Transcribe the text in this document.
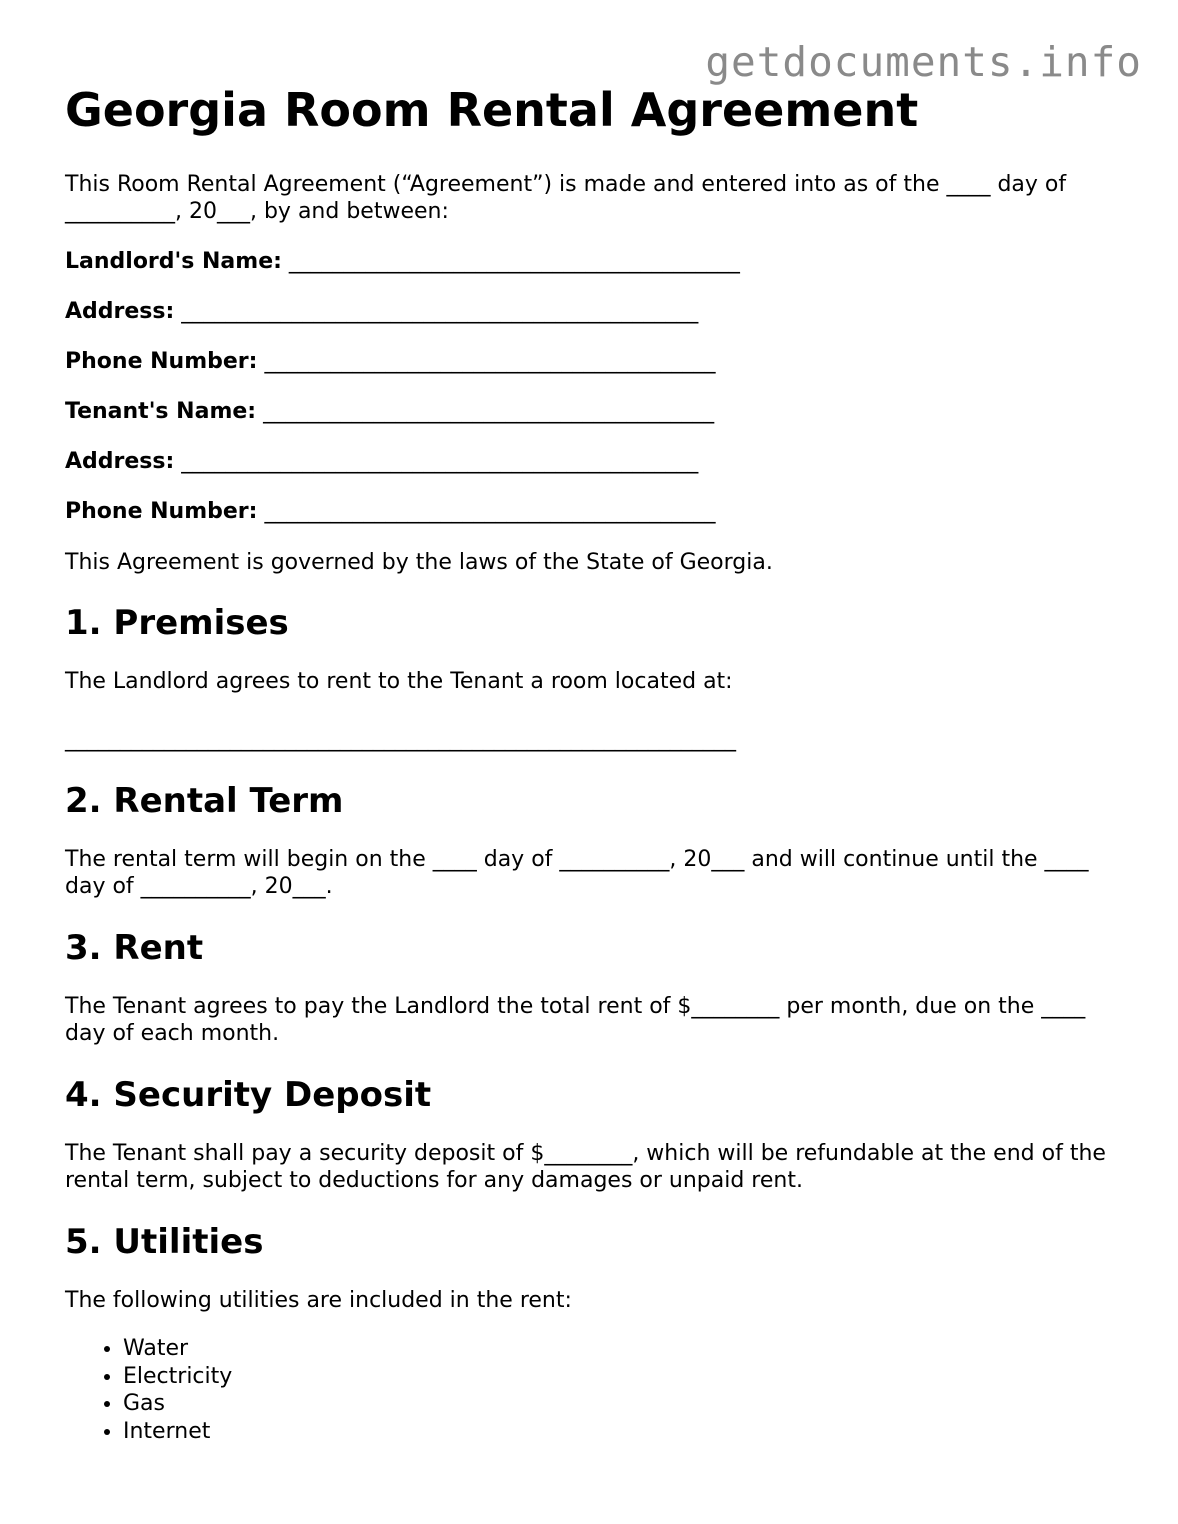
getdocuments.info
Georgia Room Rental Agreement

This Room Rental Agreement (“Agreement”) is made and entered into as of the ____ day of __________, 20___, by and between:

Landlord's Name: _________________________________________
Address: _______________________________________________
Phone Number: _________________________________________
Tenant's Name: _________________________________________
Address: _______________________________________________
Phone Number: _________________________________________

This Agreement is governed by the laws of the State of Georgia.

1. Premises

The Landlord agrees to rent to the Tenant a room located at:

_____________________________________________________________
2. Rental Term

The rental term will begin on the ____ day of __________, 20___ and will continue until the ____ day of __________, 20___.

3. Rent

The Tenant agrees to pay the Landlord the total rent of $________ per month, due on the ____ day of each month.

4. Security Deposit

The Tenant shall pay a security deposit of $________, which will be refundable at the end of the rental term, subject to deductions for any damages or unpaid rent.

5. Utilities

The following utilities are included in the rent:

• Water
• Electricity
• Gas
• Internet
